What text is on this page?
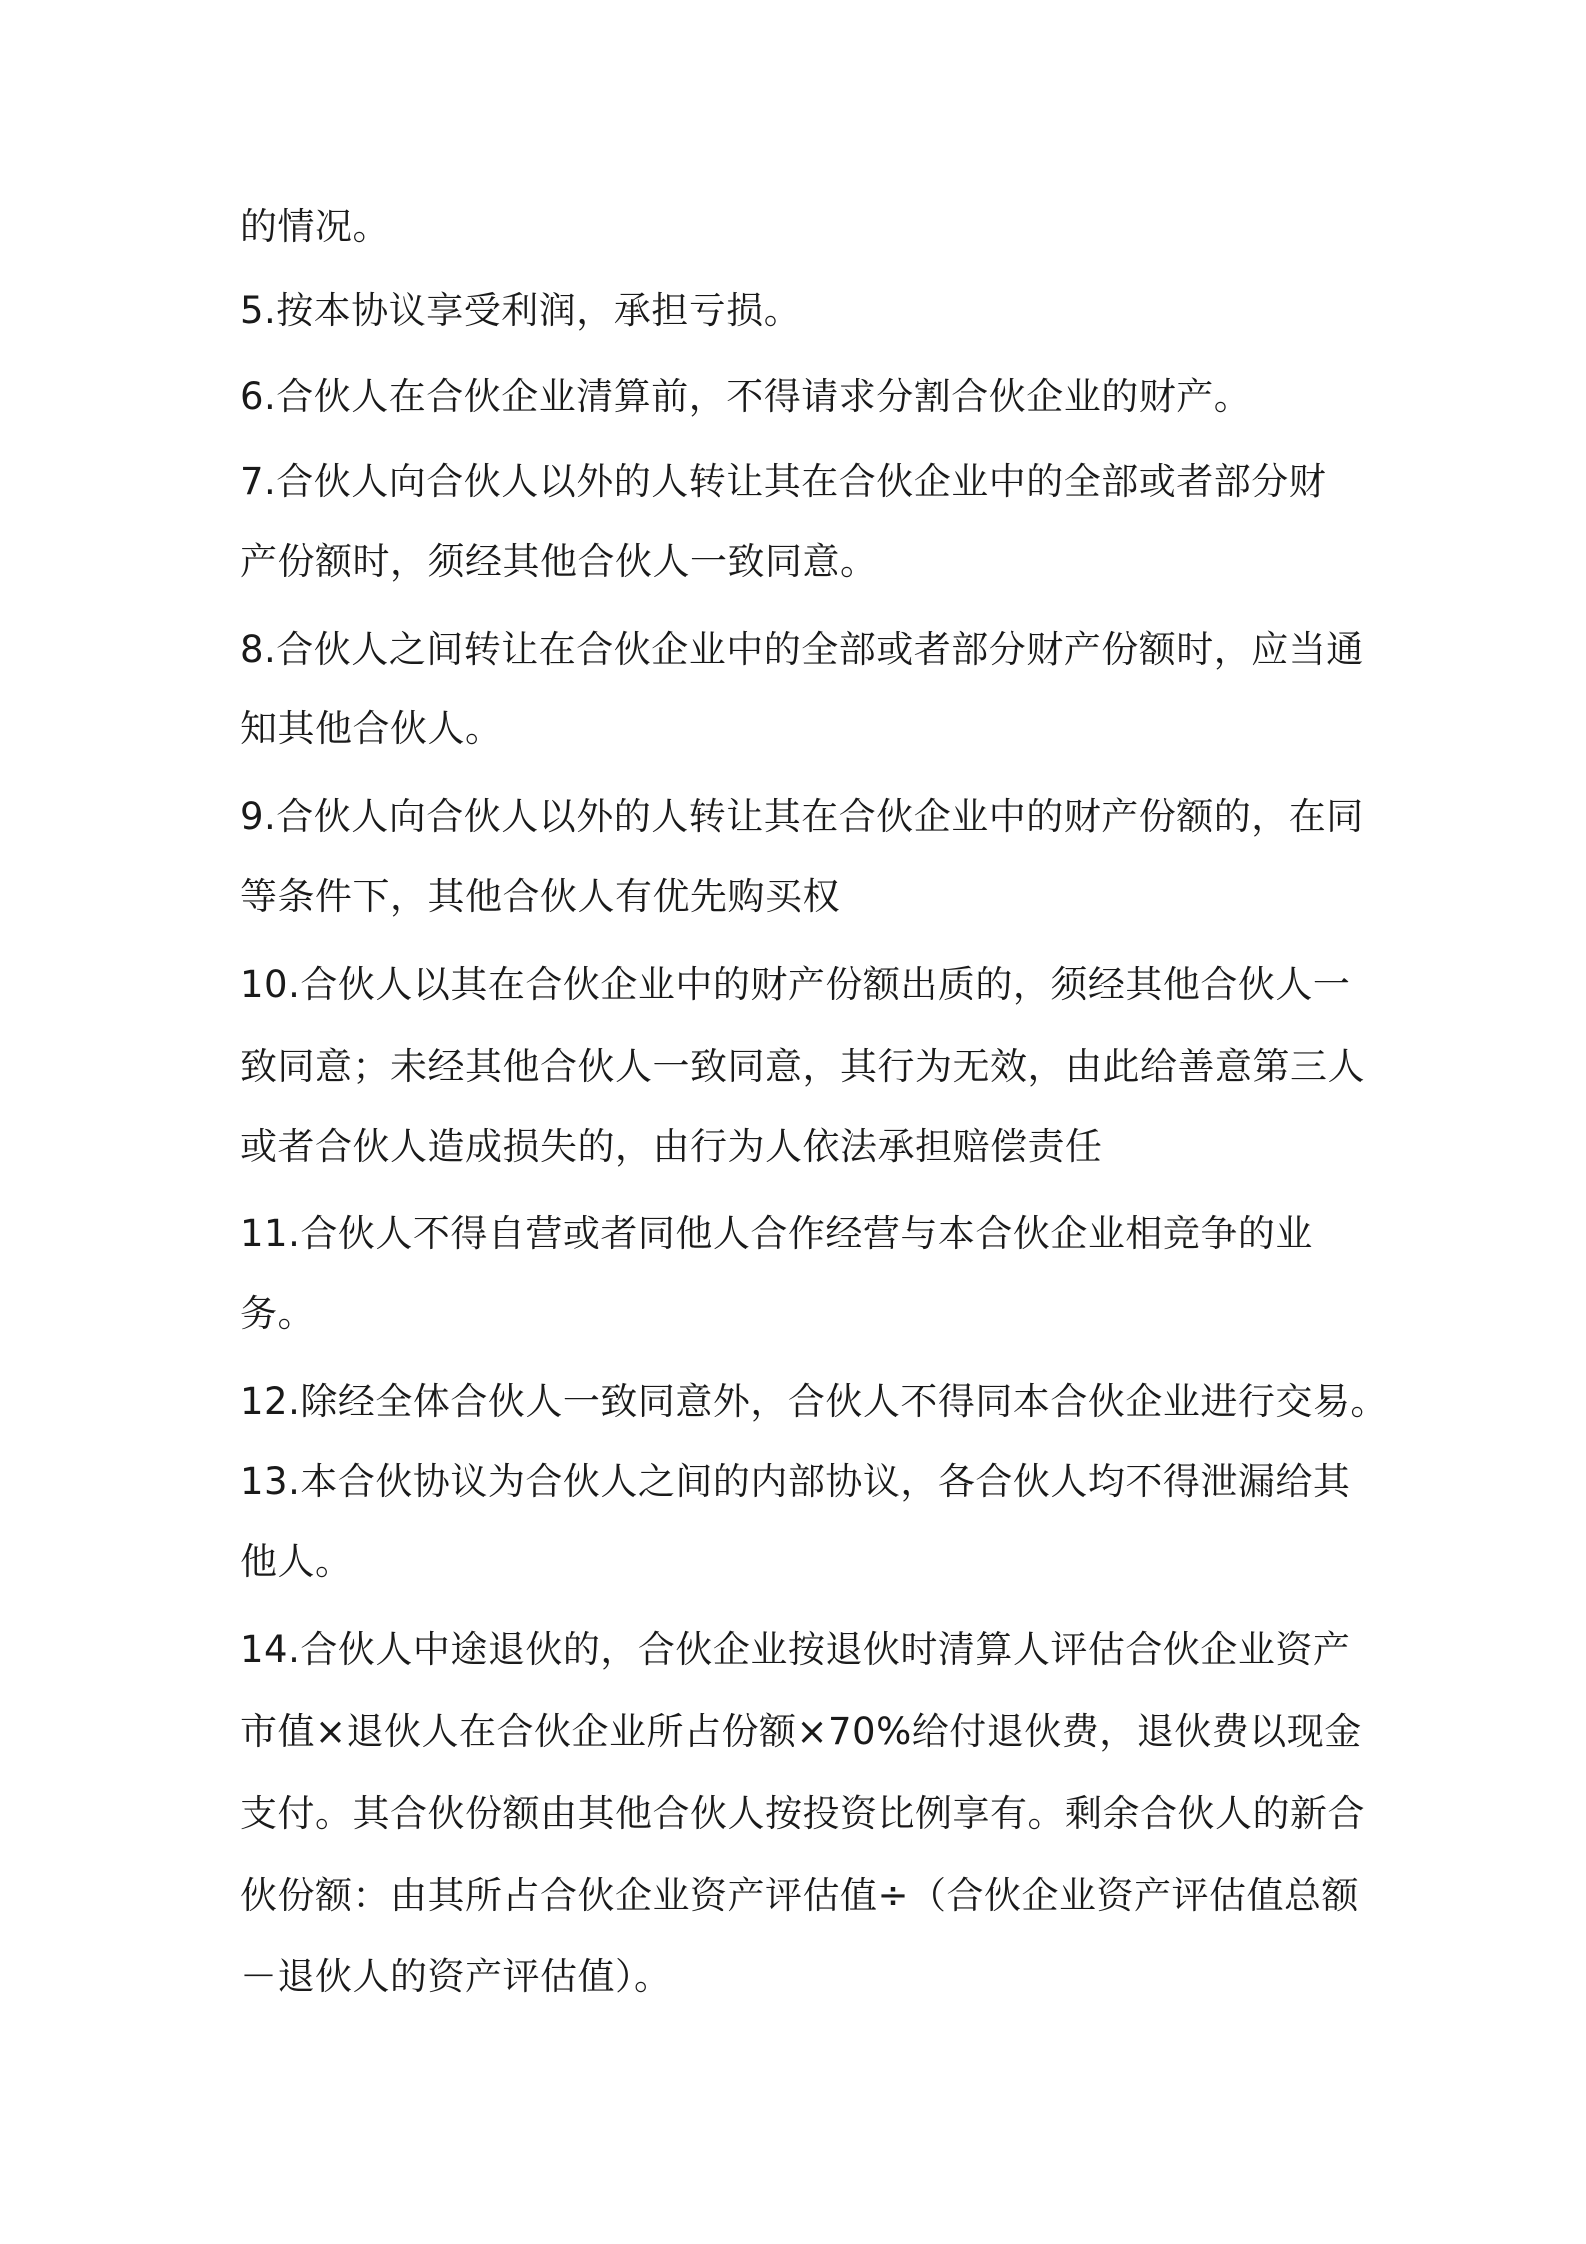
的情况。
5.按本协议享受利润，承担亏损。
6.合伙人在合伙企业清算前，不得请求分割合伙企业的财产。
7.合伙人向合伙人以外的人转让其在合伙企业中的全部或者部分财
产份额时，须经其他合伙人一致同意。
8.合伙人之间转让在合伙企业中的全部或者部分财产份额时，应当通
知其他合伙人。
9.合伙人向合伙人以外的人转让其在合伙企业中的财产份额的，在同
等条件下，其他合伙人有优先购买权
10.合伙人以其在合伙企业中的财产份额出质的，须经其他合伙人一
致同意；未经其他合伙人一致同意，其行为无效，由此给善意第三人
或者合伙人造成损失的，由行为人依法承担赔偿责任
11.合伙人不得自营或者同他人合作经营与本合伙企业相竞争的业
务。
12.除经全体合伙人一致同意外，合伙人不得同本合伙企业进行交易。
13.本合伙协议为合伙人之间的内部协议，各合伙人均不得泄漏给其
他人。
14.合伙人中途退伙的，合伙企业按退伙时清算人评估合伙企业资产
市值×退伙人在合伙企业所占份额×70%给付退伙费，退伙费以现金
支付。其合伙份额由其他合伙人按投资比例享有。剩余合伙人的新合
伙份额：由其所占合伙企业资产评估值÷（合伙企业资产评估值总额
－退伙人的资产评估值）。
